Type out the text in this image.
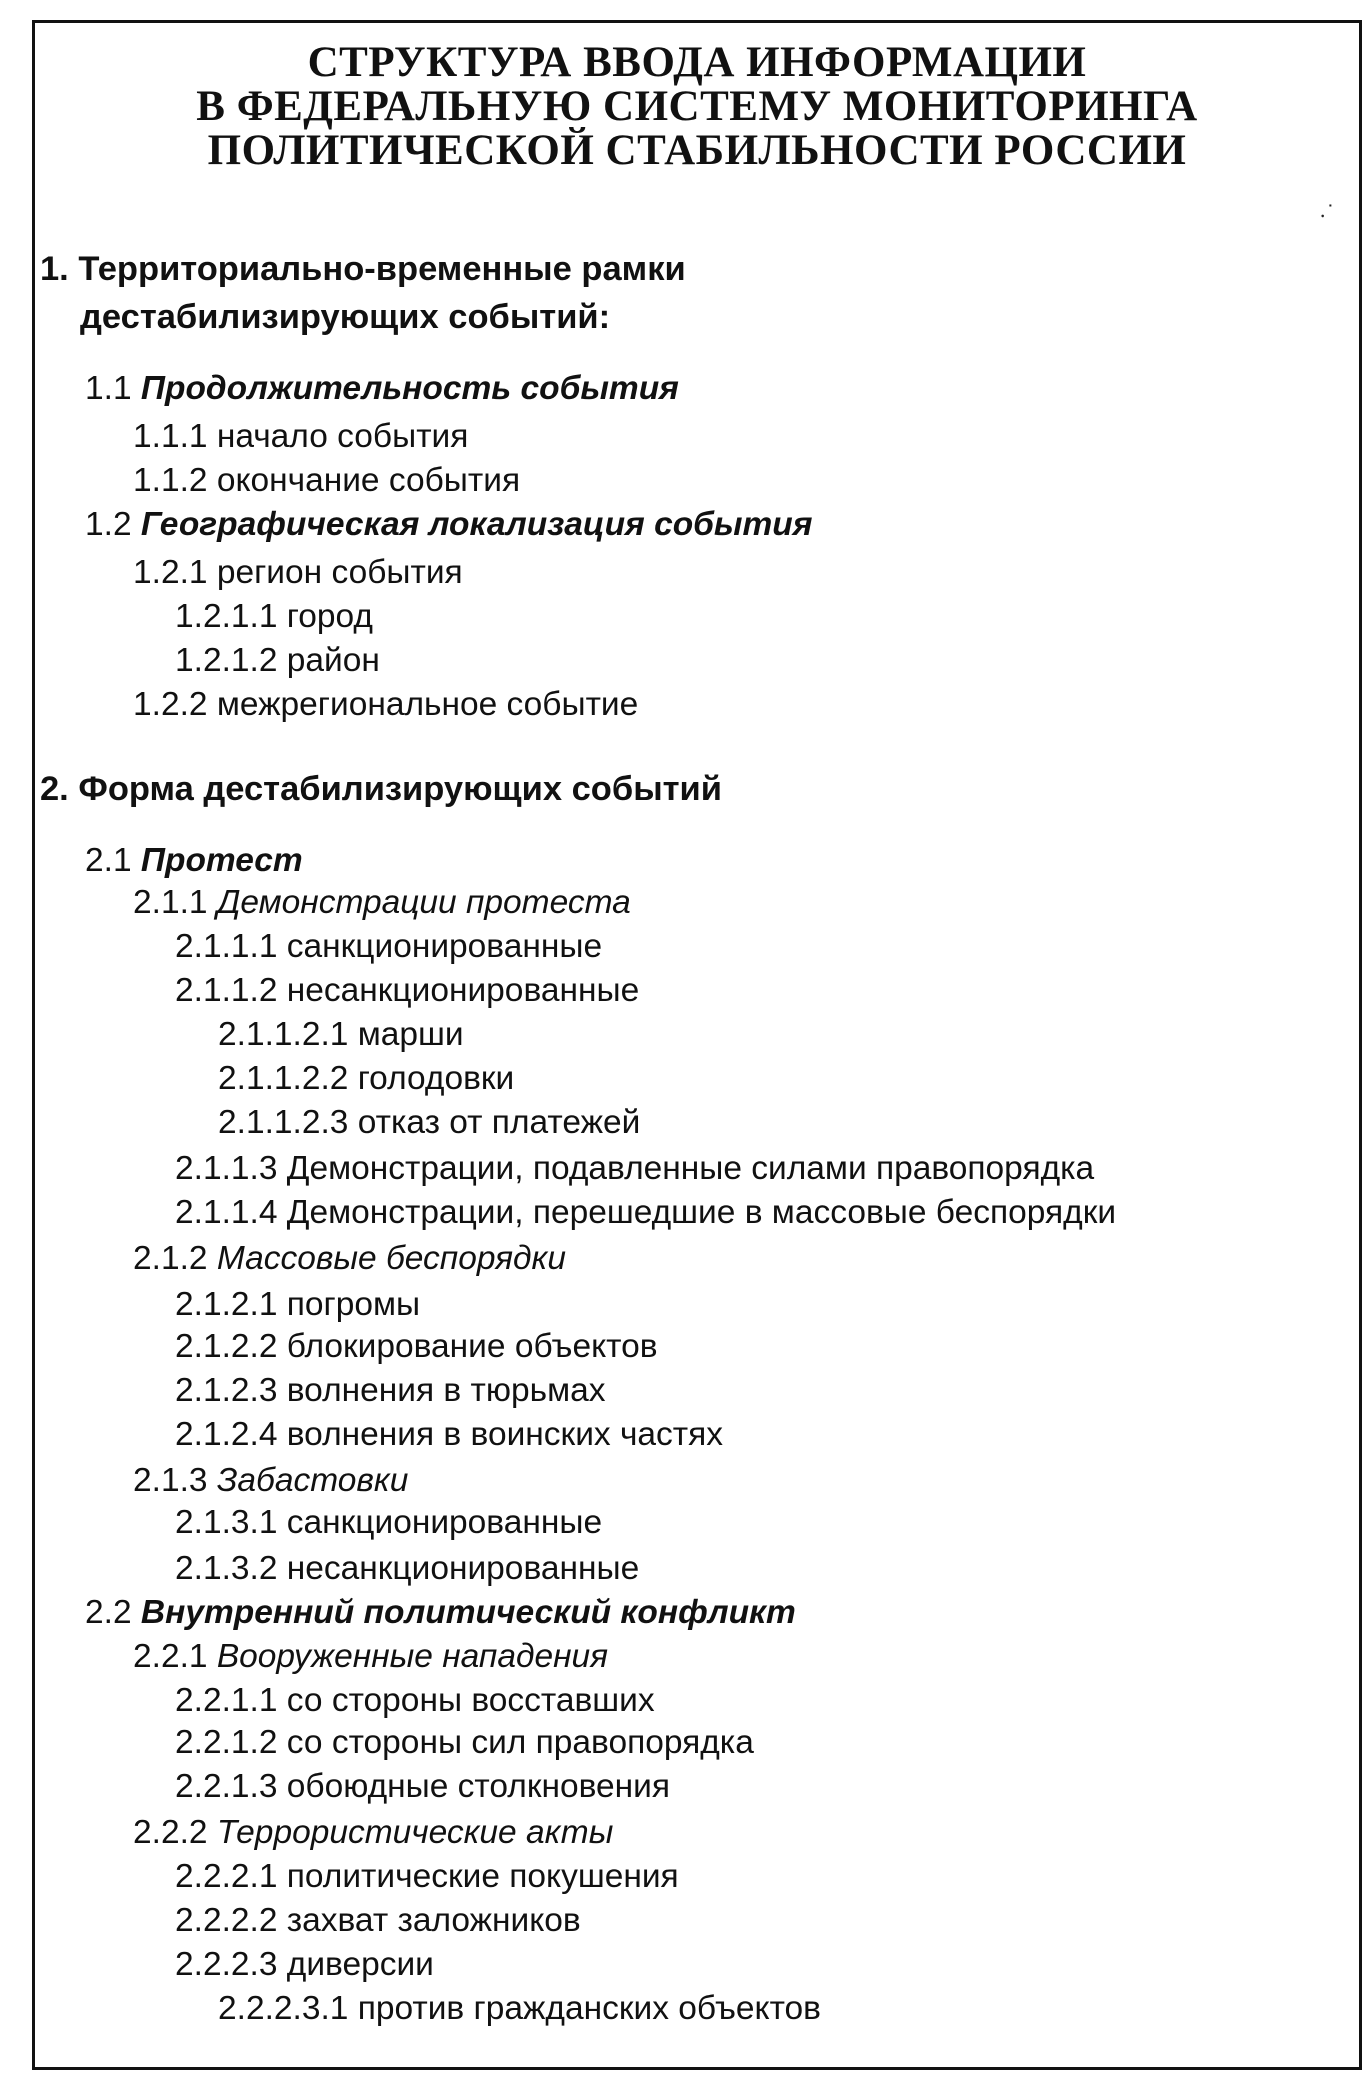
СТРУКТУРА ВВОДА ИНФОРМАЦИИ
В ФЕДЕРАЛЬНУЮ СИСТЕМУ МОНИТОРИНГА
ПОЛИТИЧЕСКОЙ СТАБИЛЬНОСТИ РОССИИ
⸳˙
1. Территориально-временные рамки
дестабилизирующих событий:
1.1 Продолжительность события
1.1.1 начало события
1.1.2 окончание события
1.2 Географическая локализация события
1.2.1 регион события
1.2.1.1 город
1.2.1.2 район
1.2.2 межрегиональное событие
2. Форма дестабилизирующих событий
2.1 Протест
2.1.1 Демонстрации протеста
2.1.1.1 санкционированные
2.1.1.2 несанкционированные
2.1.1.2.1 марши
2.1.1.2.2 голодовки
2.1.1.2.3 отказ от платежей
2.1.1.3 Демонстрации, подавленные силами правопорядка
2.1.1.4 Демонстрации, перешедшие в массовые беспорядки
2.1.2 Массовые беспорядки
2.1.2.1 погромы
2.1.2.2 блокирование объектов
2.1.2.3 волнения в тюрьмах
2.1.2.4 волнения в воинских частях
2.1.3 Забастовки
2.1.3.1 санкционированные
2.1.3.2 несанкционированные
2.2 Внутренний политический конфликт
2.2.1 Вооруженные нападения
2.2.1.1 со стороны восставших
2.2.1.2 со стороны сил правопорядка
2.2.1.3 обоюдные столкновения
2.2.2 Террористические акты
2.2.2.1 политические покушения
2.2.2.2 захват заложников
2.2.2.3 диверсии
2.2.2.3.1 против гражданских объектов
